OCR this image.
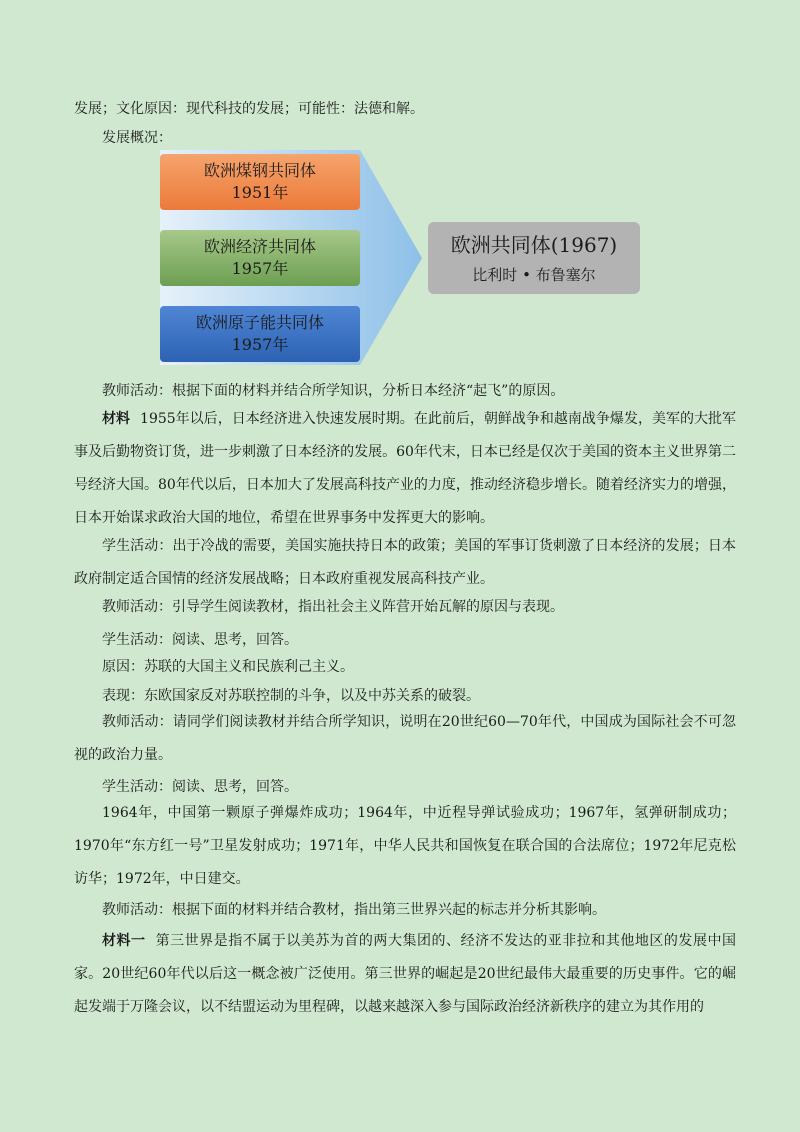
发展；文化原因：现代科技的发展；可能性：法德和解。
发展概况：
欧洲煤钢共同体
1951年
欧洲经济共同体
1957年
欧洲原子能共同体
1957年
欧洲共同体(1967)
比利时 • 布鲁塞尔
教师活动：根据下面的材料并结合所学知识，分析日本经济“起飞”的原因。
材料 1955年以后，日本经济进入快速发展时期。在此前后，朝鲜战争和越南战争爆发，美军的大批军事及后勤物资订货，进一步刺激了日本经济的发展。60年代末，日本已经是仅次于美国的资本主义世界第二号经济大国。80年代以后，日本加大了发展高科技产业的力度，推动经济稳步增长。随着经济实力的增强，日本开始谋求政治大国的地位，希望在世界事务中发挥更大的影响。
学生活动：出于冷战的需要，美国实施扶持日本的政策；美国的军事订货刺激了日本经济的发展；日本政府制定适合国情的经济发展战略；日本政府重视发展高科技产业。
教师活动：引导学生阅读教材，指出社会主义阵营开始瓦解的原因与表现。
学生活动：阅读、思考，回答。
原因：苏联的大国主义和民族利己主义。
表现：东欧国家反对苏联控制的斗争，以及中苏关系的破裂。
教师活动：请同学们阅读教材并结合所学知识，说明在20世纪60—70年代，中国成为国际社会不可忽视的政治力量。
学生活动：阅读、思考，回答。
1964年，中国第一颗原子弹爆炸成功；1964年，中近程导弹试验成功；1967年，氢弹研制成功；1970年“东方红一号”卫星发射成功；1971年，中华人民共和国恢复在联合国的合法席位；1972年尼克松访华；1972年，中日建交。
教师活动：根据下面的材料并结合教材，指出第三世界兴起的标志并分析其影响。
材料一 第三世界是指不属于以美苏为首的两大集团的、经济不发达的亚非拉和其他地区的发展中国家。20世纪60年代以后这一概念被广泛使用。第三世界的崛起是20世纪最伟大最重要的历史事件。它的崛起发端于万隆会议，以不结盟运动为里程碑，以越来越深入参与国际政治经济新秩序的建立为其作用的
